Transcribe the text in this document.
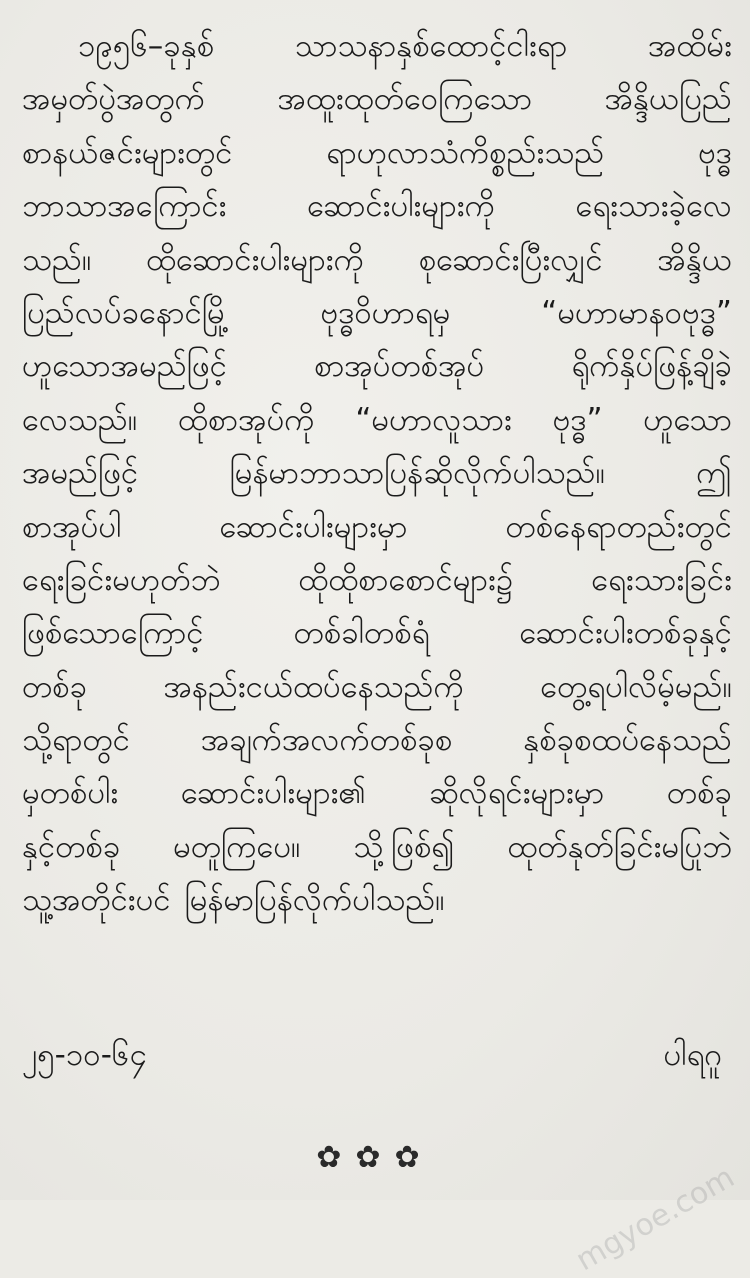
၁၉၅၆–ခုနှစ်	သာသနာနှစ်ထောင့်ငါးရာ	အထိမ်း
အမှတ်ပွဲအတွက် အထူးထုတ်ဝေကြသော အိန္ဒိယပြည်
စာနယ်ဇင်းများတွင်	ရာဟုလာသံကိစ္စည်းသည်	ဗုဒ္ဓ
ဘာသာအကြောင်း	ဆောင်းပါးများကို	ရေးသားခဲ့လေ
သည်။ ထိုဆောင်းပါးများကို စုဆောင်းပြီးလျှင် အိန္ဒိယ
ပြည်လပ်ခနောင်မြို့	ဗုဒ္ဓဝိဟာရမှ	“မဟာမာနဝဗုဒ္ဓ”
ဟူသောအမည်ဖြင့်	စာအုပ်တစ်အုပ်	ရိုက်နှိပ်ဖြန့်ချိခဲ့
လေသည်။ ထိုစာအုပ်ကို “မဟာလူသား ဗုဒ္ဓ” ဟူသော
အမည်ဖြင့်	မြန်မာဘာသာပြန်ဆိုလိုက်ပါသည်။	ဤ
စာအုပ်ပါ	ဆောင်းပါးများမှာ	တစ်နေရာတည်းတွင်
ရေးခြင်းမဟုတ်ဘဲ	ထိုထိုစာစောင်များ၌	ရေးသားခြင်း
ဖြစ်သောကြောင့်	တစ်ခါတစ်ရံ	ဆောင်းပါးတစ်ခုနှင့်
တစ်ခု အနည်းငယ်ထပ်နေသည်ကို တွေ့ရပါလိမ့်မည်။
သို့ရာတွင် အချက်အလက်တစ်ခုစ နှစ်ခုစထပ်နေသည်
မှတစ်ပါး ဆောင်းပါးများ၏ ဆိုလိုရင်းများမှာ တစ်ခု
နှင့်တစ်ခု မတူကြပေ။ သို့ဖြစ်၍ ထုတ်နုတ်ခြင်းမပြုဘဲ
သူ့အတိုင်းပင် မြန်မာပြန်လိုက်ပါသည်။
၂၅-၁၀-၆၄	ပါရဂူ
✿✿✿
mgyoe.com
